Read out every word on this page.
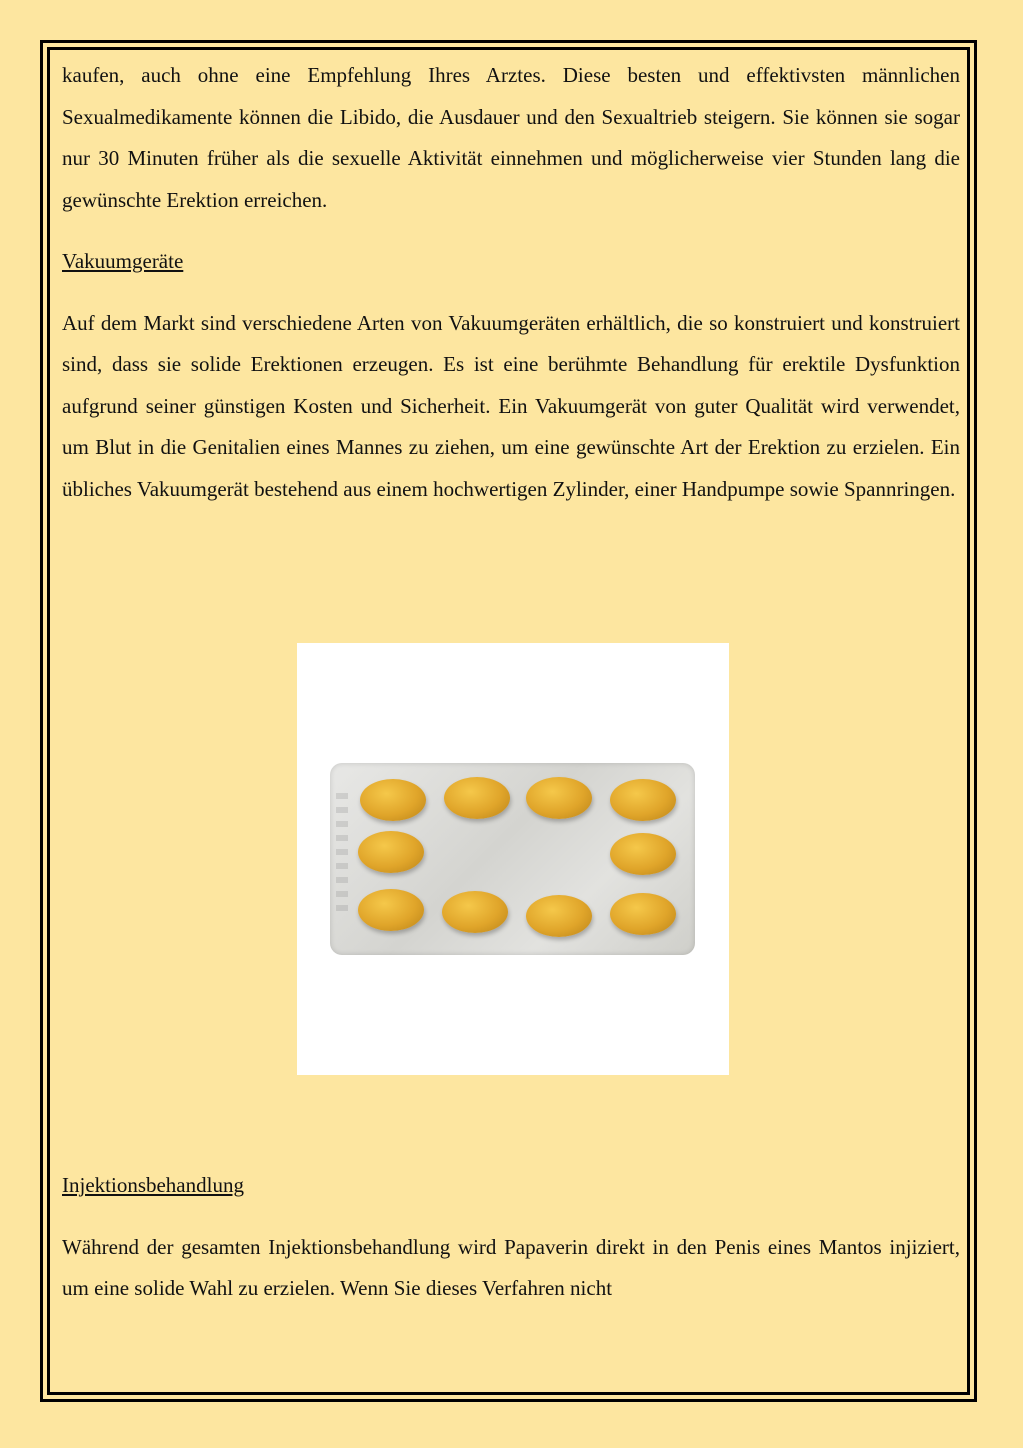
kaufen, auch ohne eine Empfehlung Ihres Arztes. Diese besten und effektivsten männlichen Sexualmedikamente können die Libido, die Ausdauer und den Sexualtrieb steigern. Sie können sie sogar nur 30 Minuten früher als die sexuelle Aktivität einnehmen und möglicherweise vier Stunden lang die gewünschte Erektion erreichen.

Vakuumgeräte

Auf dem Markt sind verschiedene Arten von Vakuumgeräten erhältlich, die so konstruiert und konstruiert sind, dass sie solide Erektionen erzeugen. Es ist eine berühmte Behandlung für erektile Dysfunktion aufgrund seiner günstigen Kosten und Sicherheit. Ein Vakuumgerät von guter Qualität wird verwendet, um Blut in die Genitalien eines Mannes zu ziehen, um eine gewünschte Art der Erektion zu erzielen. Ein übliches Vakuumgerät bestehend aus einem hochwertigen Zylinder, einer Handpumpe sowie Spannringen.

Injektionsbehandlung

Während der gesamten Injektionsbehandlung wird Papaverin direkt in den Penis eines Mantos injiziert, um eine solide Wahl zu erzielen. Wenn Sie dieses Verfahren nicht
